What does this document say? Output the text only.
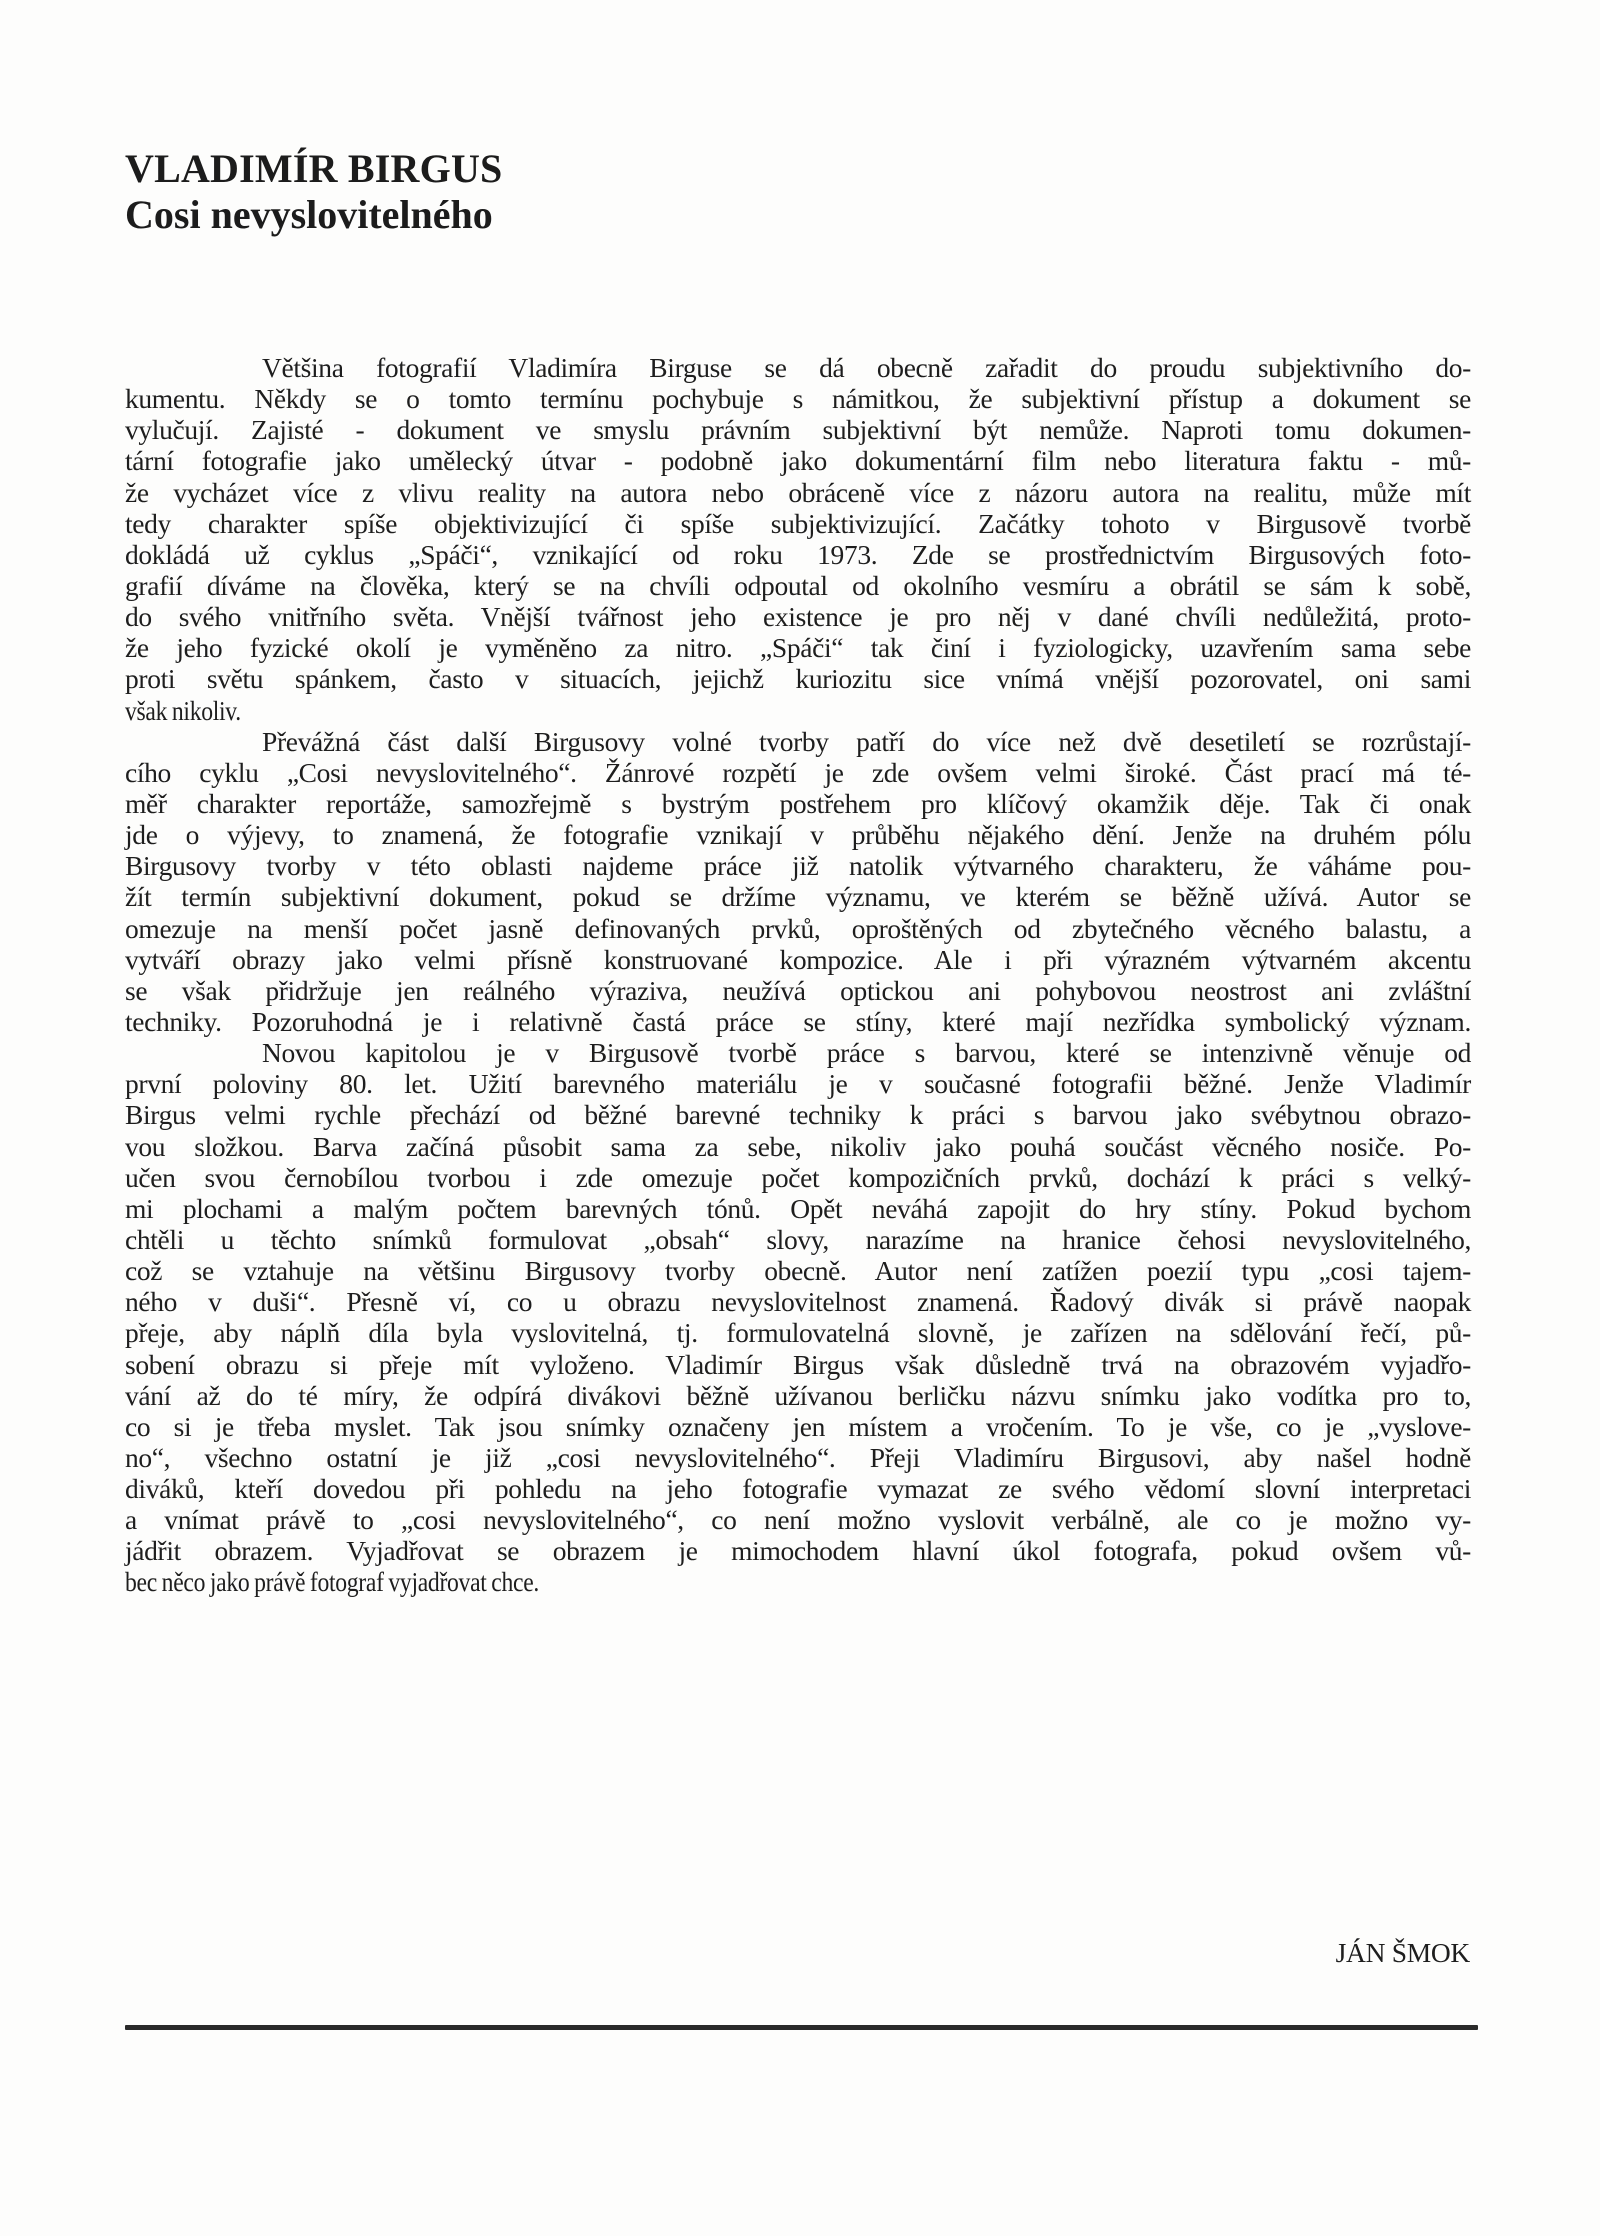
VLADIMÍR BIRGUS
Cosi nevyslovitelného
Většina fotografií Vladimíra Birguse se dá obecně zařadit do proudu subjektivního do-
kumentu. Někdy se o tomto termínu pochybuje s námitkou, že subjektivní přístup a dokument se
vylučují. Zajisté - dokument ve smyslu právním subjektivní být nemůže. Naproti tomu dokumen-
tární fotografie jako umělecký útvar - podobně jako dokumentární film nebo literatura faktu - mů-
že vycházet více z vlivu reality na autora nebo obráceně více z názoru autora na realitu, může mít
tedy charakter spíše objektivizující či spíše subjektivizující. Začátky tohoto v Birgusově tvorbě
dokládá už cyklus „Spáči“, vznikající od roku 1973. Zde se prostřednictvím Birgusových foto-
grafií díváme na člověka, který se na chvíli odpoutal od okolního vesmíru a obrátil se sám k sobě,
do svého vnitřního světa. Vnější tvářnost jeho existence je pro něj v dané chvíli nedůležitá, proto-
že jeho fyzické okolí je vyměněno za nitro. „Spáči“ tak činí i fyziologicky, uzavřením sama sebe
proti světu spánkem, často v situacích, jejichž kuriozitu sice vnímá vnější pozorovatel, oni sami
však nikoliv.
Převážná část další Birgusovy volné tvorby patří do více než dvě desetiletí se rozrůstají-
cího cyklu „Cosi nevyslovitelného“. Žánrové rozpětí je zde ovšem velmi široké. Část prací má té-
měř charakter reportáže, samozřejmě s bystrým postřehem pro klíčový okamžik děje. Tak či onak
jde o výjevy, to znamená, že fotografie vznikají v průběhu nějakého dění. Jenže na druhém pólu
Birgusovy tvorby v této oblasti najdeme práce již natolik výtvarného charakteru, že váháme pou-
žít termín subjektivní dokument, pokud se držíme významu, ve kterém se běžně užívá. Autor se
omezuje na menší počet jasně definovaných prvků, oproštěných od zbytečného věcného balastu, a
vytváří obrazy jako velmi přísně konstruované kompozice. Ale i při výrazném výtvarném akcentu
se však přidržuje jen reálného výraziva, neužívá optickou ani pohybovou neostrost ani zvláštní
techniky. Pozoruhodná je i relativně častá práce se stíny, které mají nezřídka symbolický význam.
Novou kapitolou je v Birgusově tvorbě práce s barvou, které se intenzivně věnuje od
první poloviny 80. let. Užití barevného materiálu je v současné fotografii běžné. Jenže Vladimír
Birgus velmi rychle přechází od běžné barevné techniky k práci s barvou jako svébytnou obrazo-
vou složkou. Barva začíná působit sama za sebe, nikoliv jako pouhá součást věcného nosiče. Po-
učen svou černobílou tvorbou i zde omezuje počet kompozičních prvků, dochází k práci s velký-
mi plochami a malým počtem barevných tónů. Opět neváhá zapojit do hry stíny. Pokud bychom
chtěli u těchto snímků formulovat „obsah“ slovy, narazíme na hranice čehosi nevyslovitelného,
což se vztahuje na většinu Birgusovy tvorby obecně. Autor není zatížen poezií typu „cosi tajem-
ného v duši“. Přesně ví, co u obrazu nevyslovitelnost znamená. Řadový divák si právě naopak
přeje, aby náplň díla byla vyslovitelná, tj. formulovatelná slovně, je zařízen na sdělování řečí, pů-
sobení obrazu si přeje mít vyloženo. Vladimír Birgus však důsledně trvá na obrazovém vyjadřo-
vání až do té míry, že odpírá divákovi běžně užívanou berličku názvu snímku jako vodítka pro to,
co si je třeba myslet. Tak jsou snímky označeny jen místem a vročením. To je vše, co je „vyslove-
no“, všechno ostatní je již „cosi nevyslovitelného“. Přeji Vladimíru Birgusovi, aby našel hodně
diváků, kteří dovedou při pohledu na jeho fotografie vymazat ze svého vědomí slovní interpretaci
a vnímat právě to „cosi nevyslovitelného“, co není možno vyslovit verbálně, ale co je možno vy-
jádřit obrazem. Vyjadřovat se obrazem je mimochodem hlavní úkol fotografa, pokud ovšem vů-
bec něco jako právě fotograf vyjadřovat chce.
JÁN ŠMOK
